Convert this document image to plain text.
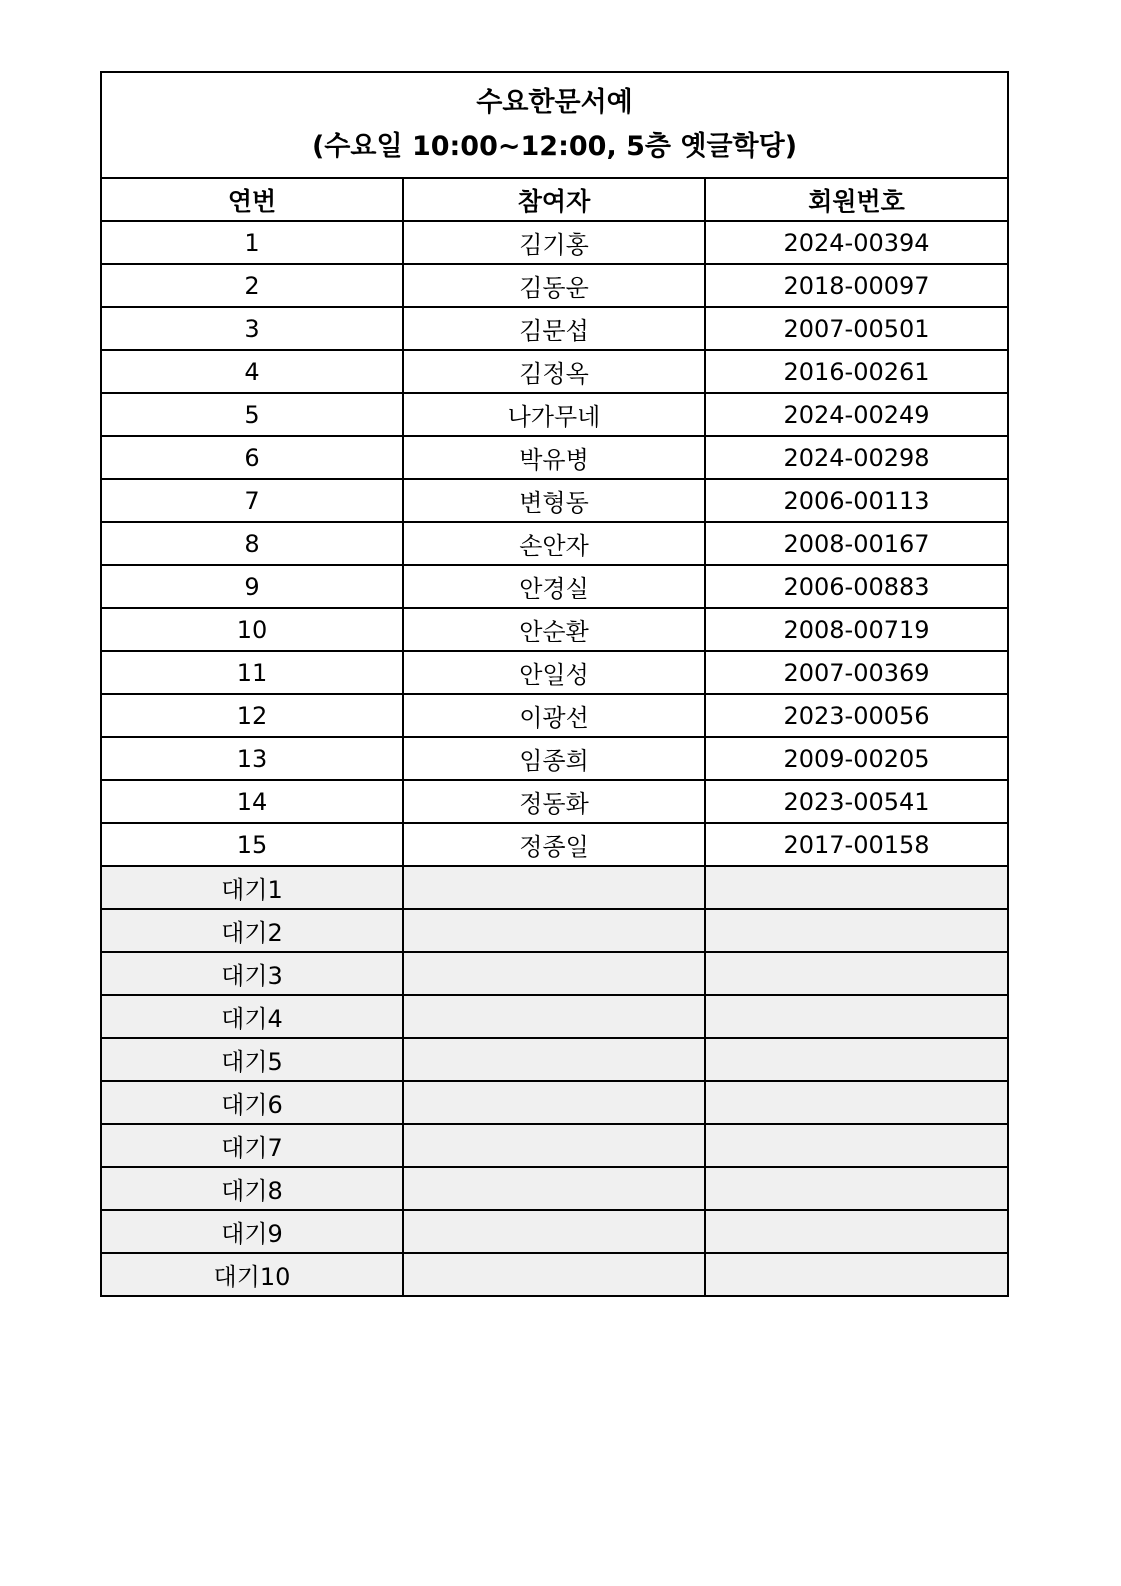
수요한문서예
(수요일 10:00~12:00, 5층 옛글학당)		

연번	참여자	회원번호
1	김기홍	2024-00394
2	김동운	2018-00097
3	김문섭	2007-00501
4	김정옥	2016-00261
5	나가무네	2024-00249
6	박유병	2024-00298
7	변형동	2006-00113
8	손안자	2008-00167
9	안경실	2006-00883
10	안순환	2008-00719
11	안일성	2007-00369
12	이광선	2023-00056
13	임종희	2009-00205
14	정동화	2023-00541
15	정종일	2017-00158
대기1		
대기2		
대기3		
대기4		
대기5		
대기6		
대기7		
대기8		
대기9		
대기10		
